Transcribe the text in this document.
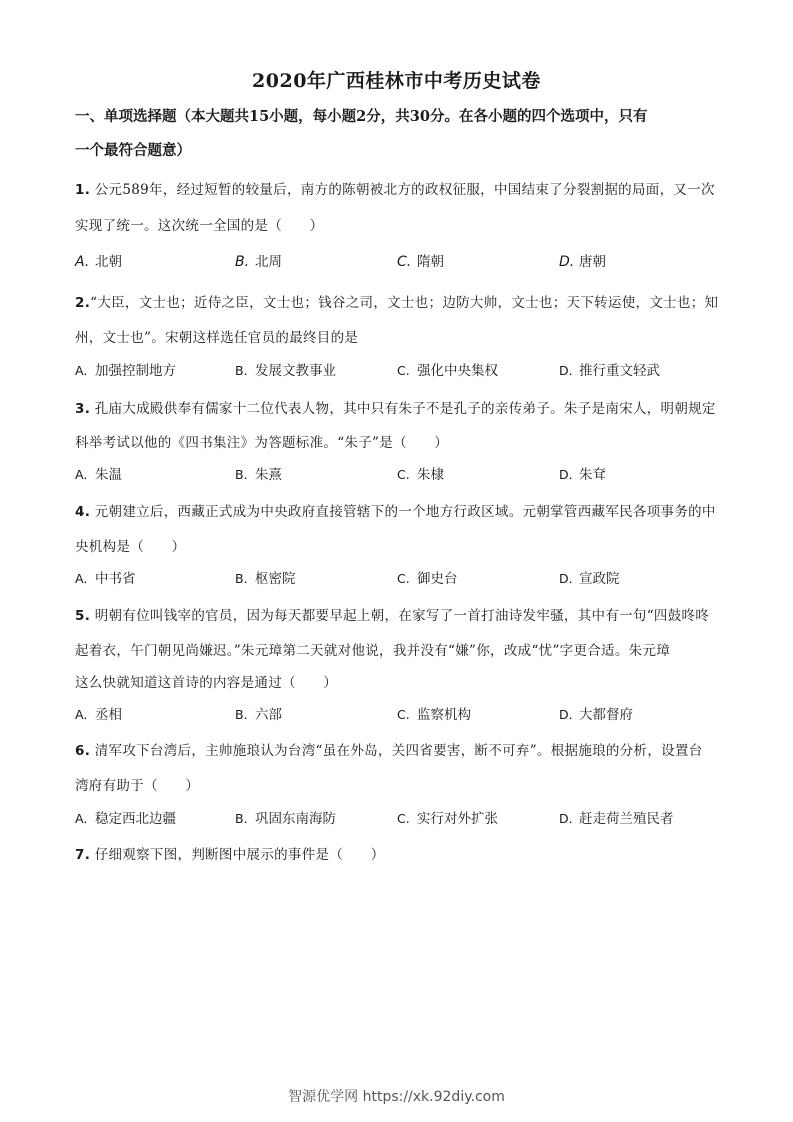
2020年广西桂林市中考历史试卷
一、单项选择题（本大题共15小题，每小题2分，共30分。在各小题的四个选项中，只有
一个最符合题意）
1. 公元589年，经过短暂的较量后，南方的陈朝被北方的政权征服，中国结束了分裂割据的局面，又一次
实现了统一。这次统一全国的是（　　）
A. 北朝	B. 北周	C. 隋朝	D. 唐朝
2.“大臣，文士也；近侍之臣，文士也；钱谷之司，文士也；边防大帅，文士也；天下转运使，文士也；知
州，文士也”。宋朝这样选任官员的最终目的是
A. 加强控制地方	B. 发展文教事业	C. 强化中央集权	D. 推行重文轻武
3. 孔庙大成殿供奉有儒家十二位代表人物，其中只有朱子不是孔子的亲传弟子。朱子是南宋人，明朝规定
科举考试以他的《四书集注》为答题标准。“朱子”是（　　）
A. 朱温	B. 朱熹	C. 朱棣	D. 朱耷
4. 元朝建立后，西藏正式成为中央政府直接管辖下的一个地方行政区域。元朝掌管西藏军民各项事务的中
央机构是（　　）
A. 中书省	B. 枢密院	C. 御史台	D. 宣政院
5. 明朝有位叫钱宰的官员，因为每天都要早起上朝，在家写了一首打油诗发牢骚，其中有一句“四鼓咚咚
起着衣，午门朝见尚嫌迟。”朱元璋第二天就对他说，我并没有“嫌”你，改成“忧”字更合适。朱元璋
这么快就知道这首诗的内容是通过（　　）
A. 丞相	B. 六部	C. 监察机构	D. 大都督府
6. 清军攻下台湾后，主帅施琅认为台湾“虽在外岛，关四省要害，断不可弃”。根据施琅的分析，设置台
湾府有助于（　　）
A. 稳定西北边疆	B. 巩固东南海防	C. 实行对外扩张	D. 赶走荷兰殖民者
7. 仔细观察下图，判断图中展示的事件是（　　）
智源优学网 https://xk.92diy.com
